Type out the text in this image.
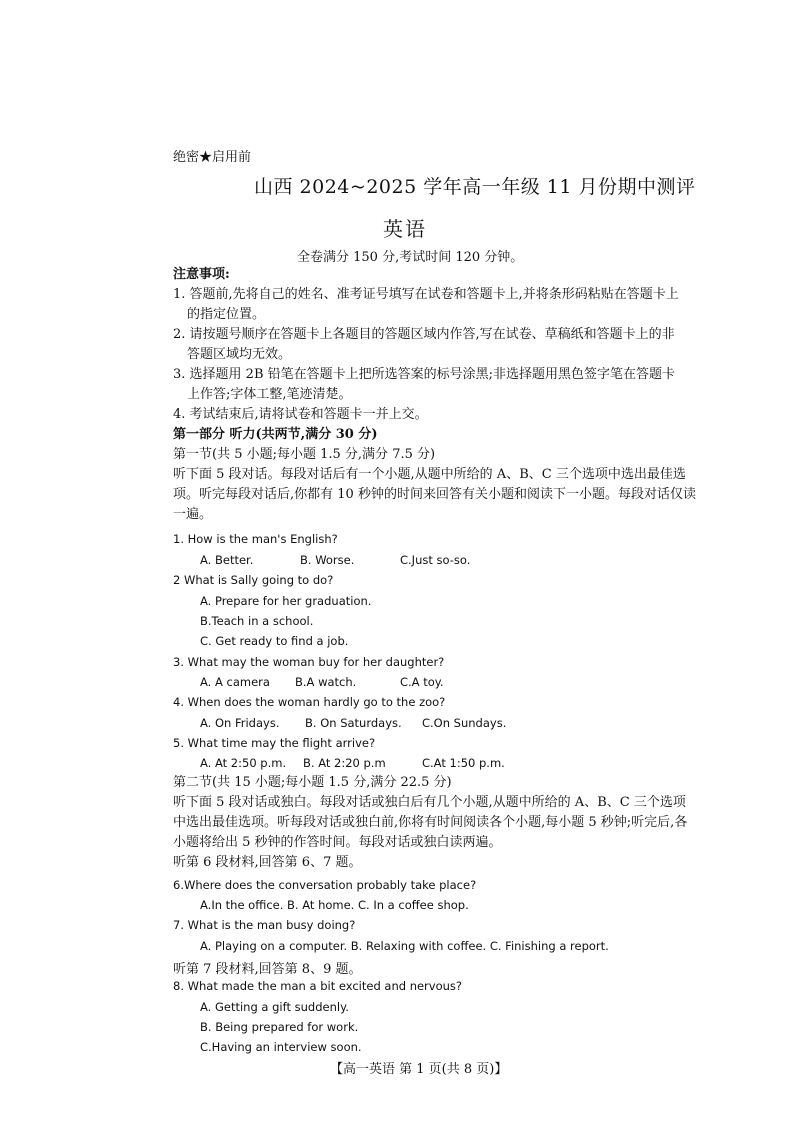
绝密★启用前
山西 2024~2025 学年高一年级 11 月份期中测评
英语
全卷满分 150 分,考试时间 120 分钟。
注意事项:
1. 答题前,先将自己的姓名、准考证号填写在试卷和答题卡上,并将条形码粘贴在答题卡上
的指定位置。
2. 请按题号顺序在答题卡上各题目的答题区域内作答,写在试卷、草稿纸和答题卡上的非
答题区域均无效。
3. 选择题用 2B 铅笔在答题卡上把所选答案的标号涂黑;非选择题用黑色签字笔在答题卡
上作答;字体工整,笔迹清楚。
4. 考试结束后,请将试卷和答题卡一并上交。
第一部分 听力(共两节,满分 30 分)
第一节(共 5 小题;每小题 1.5 分,满分 7.5 分)
听下面 5 段对话。每段对话后有一个小题,从题中所给的 A、B、C 三个选项中选出最佳选
项。听完每段对话后,你都有 10 秒钟的时间来回答有关小题和阅读下一小题。每段对话仅读
一遍。
1. How is the man's English?
A. Better.	B. Worse.	C.Just so-so.
2 What is Sally going to do?
A. Prepare for her graduation.
B.Teach in a school.
C. Get ready to find a job.
3. What may the woman buy for her daughter?
A. A camera B.A watch.	C.A toy.
4. When does the woman hardly go to the zoo?
A. On Fridays. B. On Saturdays. C.On Sundays.
5. What time may the flight arrive?
A. At 2:50 p.m. B. At 2:20 p.m	C.At 1:50 p.m.
第二节(共 15 小题;每小题 1.5 分,满分 22.5 分)
听下面 5 段对话或独白。每段对话或独白后有几个小题,从题中所给的 A、B、C 三个选项
中选出最佳选项。听每段对话或独白前,你将有时间阅读各个小题,每小题 5 秒钟;听完后,各
小题将给出 5 秒钟的作答时间。每段对话或独白读两遍。
听第 6 段材料,回答第 6、7 题。
6.Where does the conversation probably take place?
A.In the office. B. At home. C. In a coffee shop.
7. What is the man busy doing?
A. Playing on a computer. B. Relaxing with coffee. C. Finishing a report.
听第 7 段材料,回答第 8、9 题。
8. What made the man a bit excited and nervous?
A. Getting a gift suddenly.
B. Being prepared for work.
C.Having an interview soon.
【高一英语 第 1 页(共 8 页)】
